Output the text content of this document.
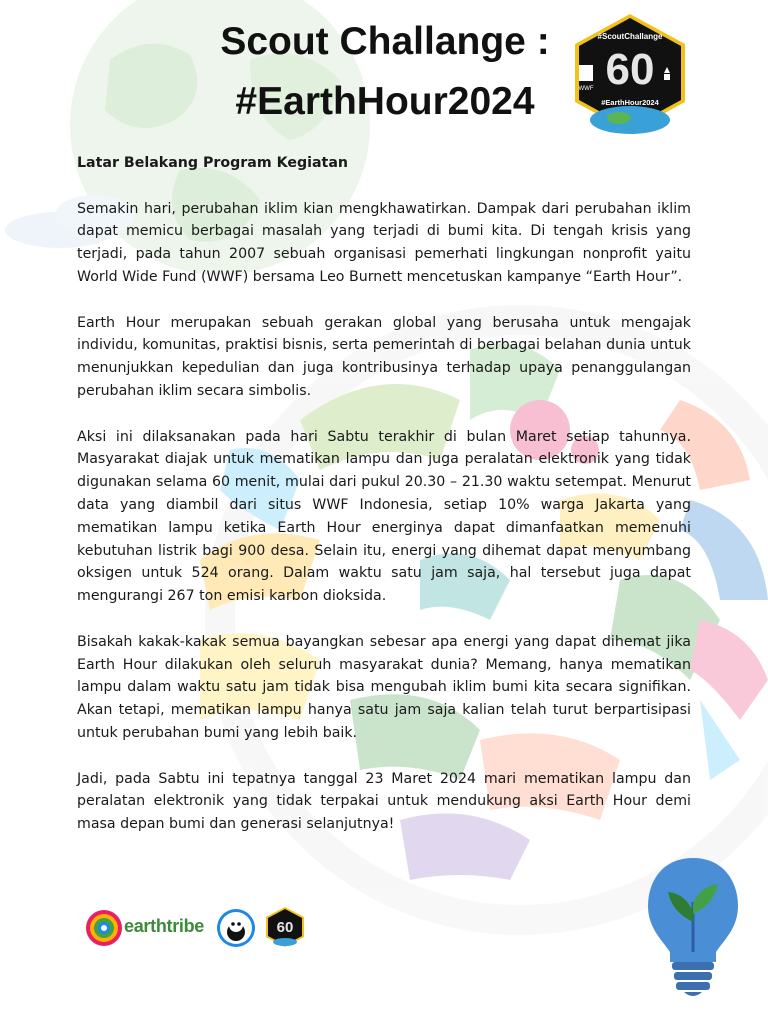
Scout Challange :
#EarthHour2024
#ScoutChallange
60
#EarthHour2024
WWF
Latar Belakang Program Kegiatan

Semakin hari, perubahan iklim kian mengkhawatirkan. Dampak dari perubahan iklim dapat memicu berbagai masalah yang terjadi di bumi kita. Di tengah krisis yang terjadi, pada tahun 2007 sebuah organisasi pemerhati lingkungan nonprofit yaitu World Wide Fund (WWF) bersama Leo Burnett mencetuskan kampanye “Earth Hour”.

Earth Hour merupakan sebuah gerakan global yang berusaha untuk mengajak individu, komunitas, praktisi bisnis, serta pemerintah di berbagai belahan dunia untuk menunjukkan kepedulian dan juga kontribusinya terhadap upaya penanggulangan perubahan iklim secara simbolis.

Aksi ini dilaksanakan pada hari Sabtu terakhir di bulan Maret setiap tahunnya. Masyarakat diajak untuk mematikan lampu dan juga peralatan elektronik yang tidak digunakan selama 60 menit, mulai dari pukul 20.30 – 21.30 waktu setempat. Menurut data yang diambil dari situs WWF Indonesia, setiap 10% warga Jakarta yang mematikan lampu ketika Earth Hour energinya dapat dimanfaatkan memenuhi kebutuhan listrik bagi 900 desa. Selain itu, energi yang dihemat dapat menyumbang oksigen untuk 524 orang. Dalam waktu satu jam saja, hal tersebut juga dapat mengurangi 267 ton emisi karbon dioksida.

Bisakah kakak-kakak semua bayangkan sebesar apa energi yang dapat dihemat jika Earth Hour dilakukan oleh seluruh masyarakat dunia? Memang, hanya mematikan lampu dalam waktu satu jam tidak bisa mengubah iklim bumi kita secara signifikan. Akan tetapi, mematikan lampu hanya satu jam saja kalian telah turut berpartisipasi untuk perubahan bumi yang lebih baik.

Jadi, pada Sabtu ini tepatnya tanggal 23 Maret 2024 mari mematikan lampu dan peralatan elektronik yang tidak terpakai untuk mendukung aksi Earth Hour demi masa depan bumi dan generasi selanjutnya!

earthtribe	60
